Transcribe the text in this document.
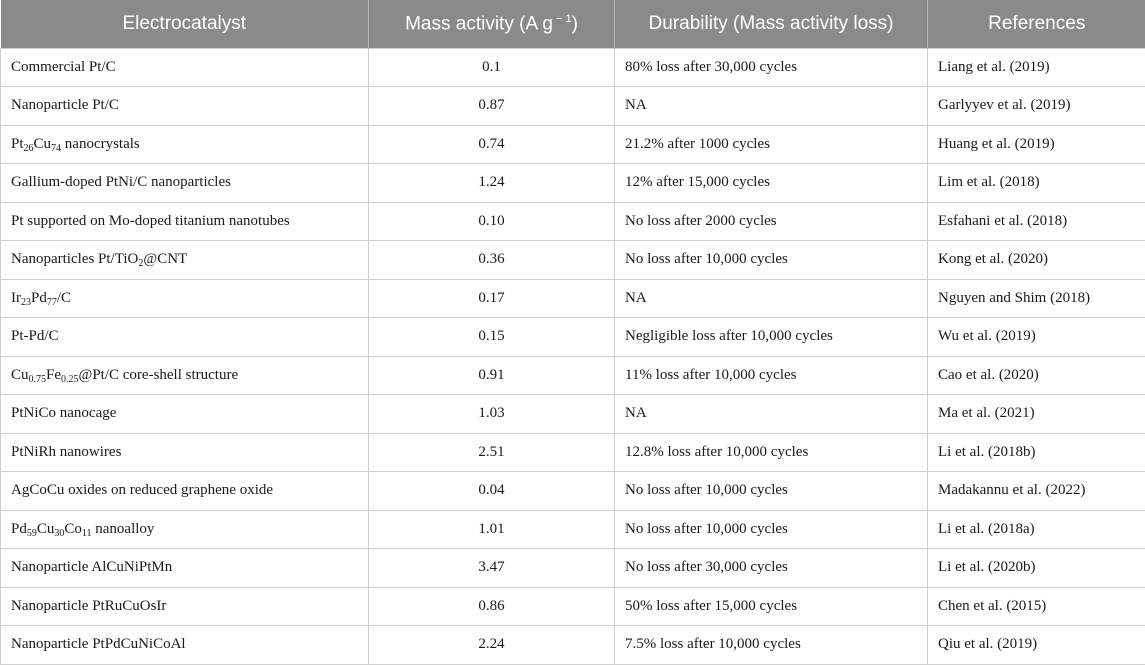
Electrocatalyst	Mass activity (A g $^{- 1}$)	Durability (Mass activity loss)	References
Commercial Pt/C	0.1	80% loss after 30,000 cycles	Liang et al. (2019)
Nanoparticle Pt/C	0.87	NA	Garlyyev et al. (2019)
$Pt_{26}Cu_{74}$ nanocrystals	0.74	21.2% after 1000 cycles	Huang et al. (2019)
Gallium-doped PtNi/C nanoparticles	1.24	12% after 15,000 cycles	Lim et al. (2018)
Pt supported on Mo-doped titanium nanotubes	0.10	No loss after 2000 cycles	Esfahani et al. (2018)
Nanoparticles Pt/TiO$_2$@CNT	0.36	No loss after 10,000 cycles	Kong et al. (2020)
$Ir_{23}Pd_{77}/C$	0.17	NA	Nguyen and Shim (2018)
Pt-Pd/C	0.15	Negligible loss after 10,000 cycles	Wu et al. (2019)
$Cu_{0.75}Fe_{0.25}@Pt/C$ core-shell structure	0.91	11% loss after 10,000 cycles	Cao et al. (2020)
PtNiCo nanocage	1.03	NA	Ma et al. (2021)
PtNiRh nanowires	2.51	12.8% loss after 10,000 cycles	Li et al. (2018b)
AgCoCu oxides on reduced graphene oxide	0.04	No loss after 10,000 cycles	Madakannu et al. (2022)
$Pd_{59}Cu_{30}Co_{11}$ nanoalloy	1.01	No loss after 10,000 cycles	Li et al. (2018a)
Nanoparticle AlCuNiPtMn	3.47	No loss after 30,000 cycles	Li et al. (2020b)
Nanoparticle PtRuCuOsIr	0.86	50% loss after 15,000 cycles	Chen et al. (2015)
Nanoparticle PtPdCuNiCoAl	2.24	7.5% loss after 10,000 cycles	Qiu et al. (2019)
